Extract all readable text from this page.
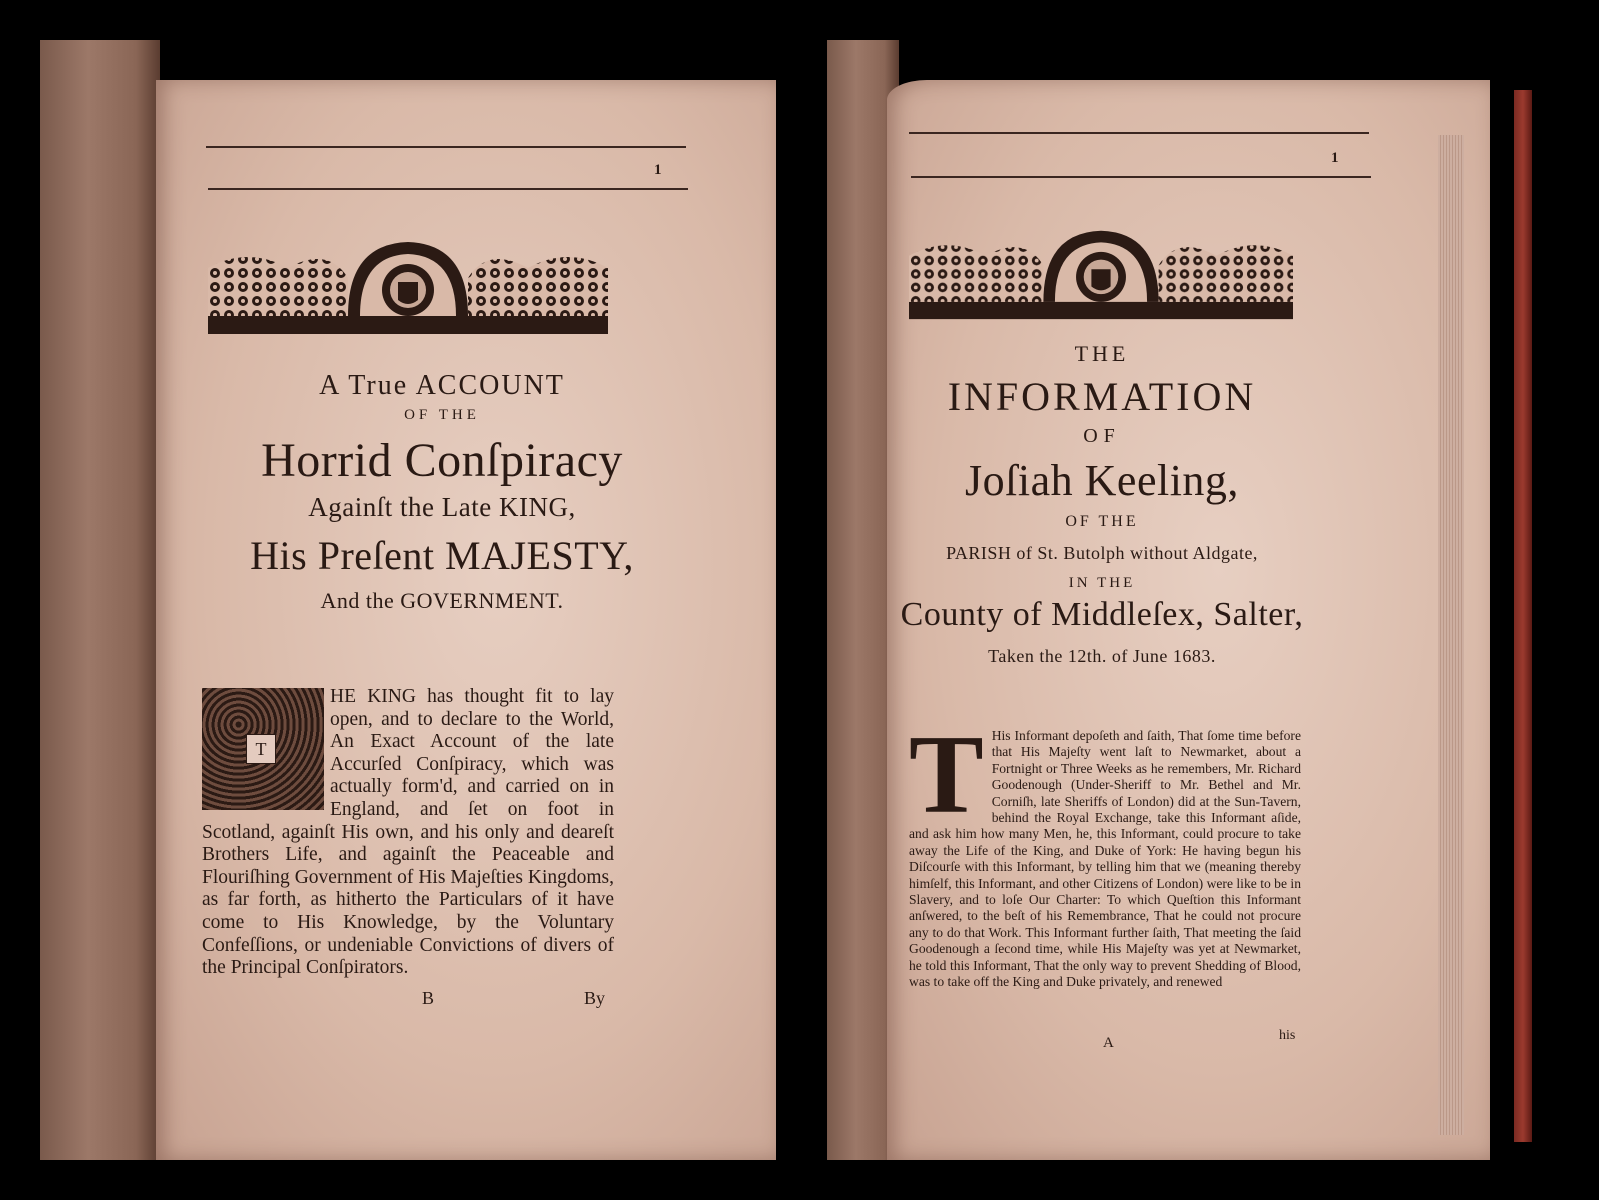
1
A True ACCOUNT
OF THE
Horrid Conſpiracy
Againſt the Late KING,
His Preſent MAJESTY,
And the GOVERNMENT.
T
HE KING has thought fit to lay open, and to declare to the World, An Exact Account of the late Accurſed Conſpiracy, which was actually form'd, and carried on in England, and ſet on foot in Scotland, againſt His own, and his only and deareſt Brothers Life, and againſt the Peaceable and Flouriſhing Government of His Majeſties Kingdoms, as far forth, as hitherto the Particulars of it have come to His Knowledge, by the Voluntary Confeſſions, or undeniable Convictions of divers of the Principal Conſpirators.
B	By
1
THE
INFORMATION
OF
Joſiah Keeling,
OF THE
PARISH of St. Butolph without Aldgate,
IN THE
County of Middleſex, Salter,
Taken the 12th. of June 1683.
T His Informant depoſeth and ſaith, That ſome time before that His Majeſty went laſt to Newmarket, about a Fortnight or Three Weeks as he remembers, Mr. Richard Goodenough (Under-Sheriff to Mr. Bethel and Mr. Corniſh, late Sheriffs of London) did at the Sun-Tavern, behind the Royal Exchange, take this Informant aſide, and ask him how many Men, he, this Informant, could procure to take away the Life of the King, and Duke of York: He having begun his Diſcourſe with this Informant, by telling him that we (meaning thereby himſelf, this Informant, and other Citizens of London) were like to be in Slavery, and to loſe Our Charter: To which Queſtion this Informant anſwered, to the beſt of his Remembrance, That he could not procure any to do that Work. This Informant further ſaith, That meeting the ſaid Goodenough a ſecond time, while His Majeſty was yet at Newmarket, he told this Informant, That the only way to prevent Shedding of Blood, was to take off the King and Duke privately, and renewed
A	his
